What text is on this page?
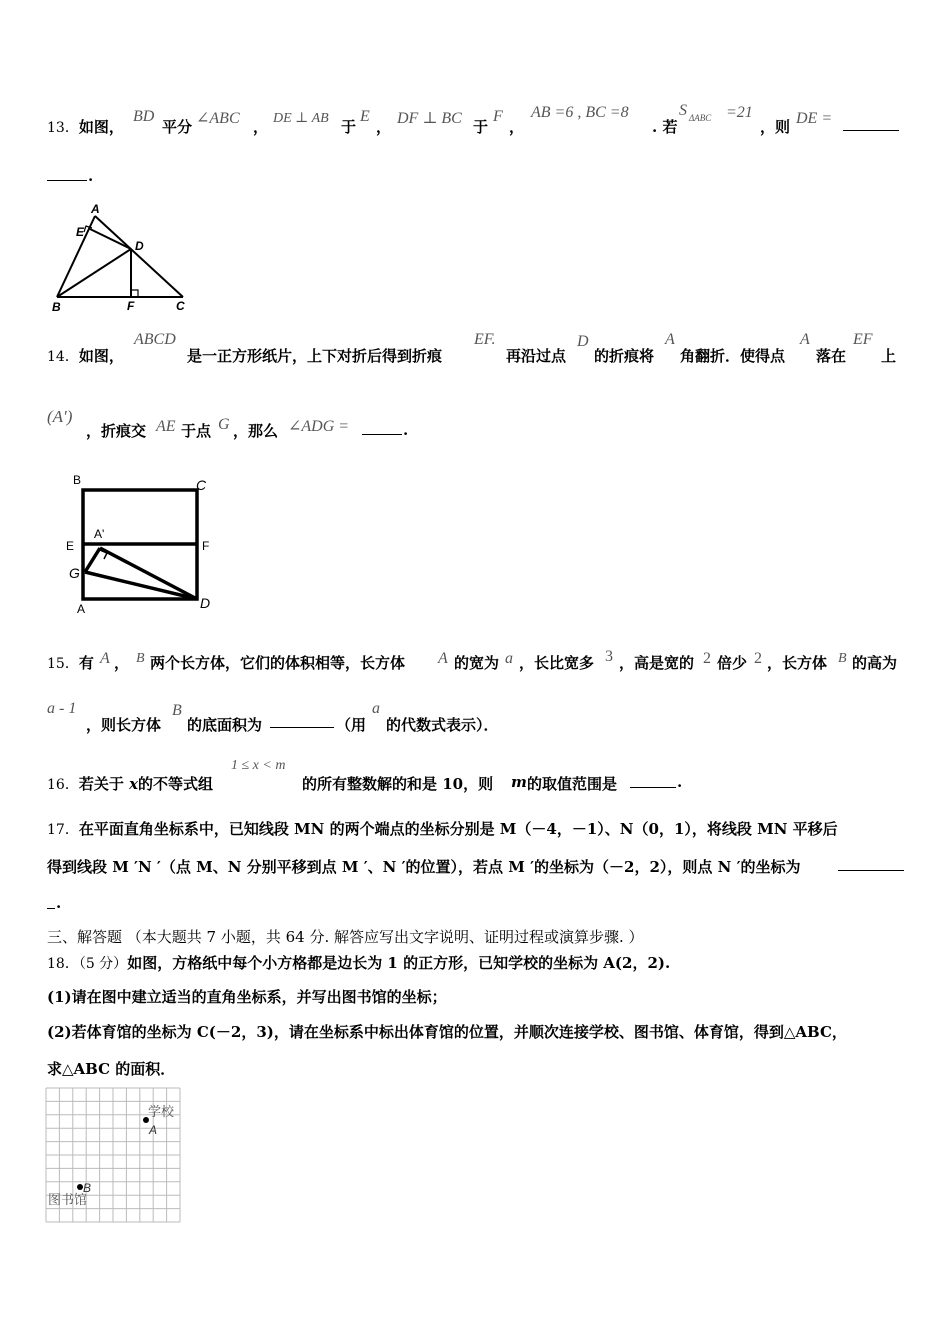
13．如图，
BD
平分 ∠ABC ， DE ⊥ AB 于
E
， DF ⊥ BC 于
F
，
AB =6 , BC =8
. 若
S $_{\Delta ABC}$ =21
，则 DE =
.
A
E
D
B	F	C
14．如图，
ABCD
是一正方形纸片，上下对折后得到折痕
EF.
再沿过点
D
的折痕将
A
角翻折．使得点
A
落在
EF
上
(A′)
，折痕交 AE 于点 G ，那么 ∠ADG =	.
B	C
A'
E	F
G
A	D
15．有 A ， B 两个长方体，它们的体积相等，长方体 A 的宽为 a ，长比宽多 3 ，高是宽的 2 倍少 2 ，长方体 B 的高为
a - 1
，则长方体
B
的底面积为	（用
a
的代数式表示）．
16．若关于 x的不等式组
1 ≤ x < m
的所有整数解的和是 10，则 m 的取值范围是	.
17．在平面直角坐标系中，已知线段 MN 的两个端点的坐标分别是 M（－4，－1）、N（0，1），将线段 MN 平移后
得到线段 M ′N ′（点 M、N 分别平移到点 M ′、N ′的位置），若点 M ′的坐标为（－2，2），则点 N ′的坐标为
.
三、解答题 （本大题共 7 小题，共 64 分. 解答应写出文字说明、证明过程或演算步骤. ）
18．（5 分）如图，方格纸中每个小方格都是边长为 1 的正方形，已知学校的坐标为 A(2，2).
(1)请在图中建立适当的直角坐标系，并写出图书馆的坐标；
(2)若体育馆的坐标为 C(－2，3)，请在坐标系中标出体育馆的位置，并顺次连接学校、图书馆、体育馆，得到△ABC，
求△ABC 的面积．
学校
A
图书馆
B
